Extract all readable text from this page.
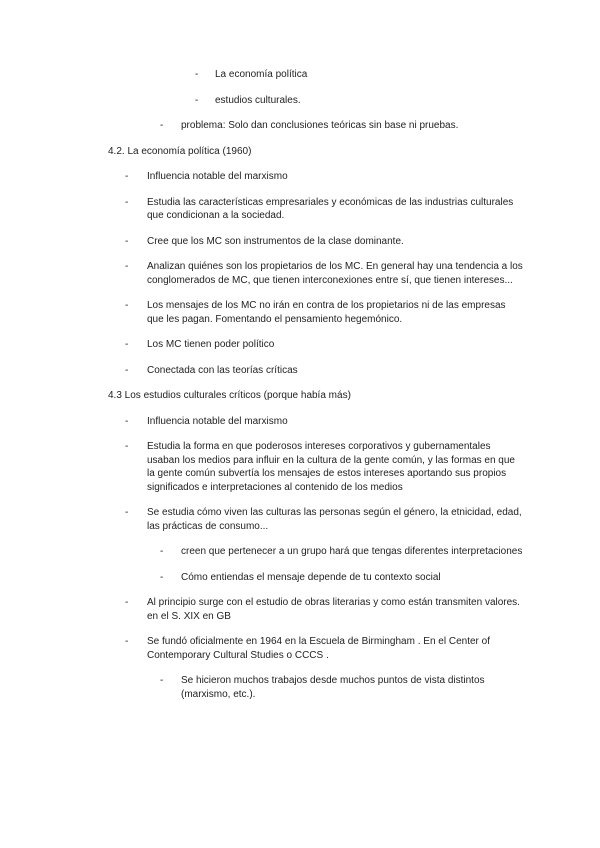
-	La economía política
-	estudios culturales.
-	problema: Solo dan conclusiones teóricas sin base ni pruebas.
4.2. La economía política (1960)
-	Influencia notable del marxismo
-	Estudia las características empresariales y económicas de las industrias culturales que condicionan a la sociedad.
-	Cree que los MC son instrumentos de la clase dominante.
-	Analizan quiénes son los propietarios de los MC. En general hay una tendencia a los conglomerados de MC, que tienen interconexiones entre sí, que tienen intereses...
-	Los mensajes de los MC no irán en contra de los propietarios ni de las empresas que les pagan. Fomentando el pensamiento hegemónico.
-	Los MC tienen poder político
-	Conectada con las teorías críticas
4.3 Los estudios culturales críticos (porque había más)
-	Influencia notable del marxismo
-	Estudia la forma en que poderosos intereses corporativos y gubernamentales usaban los medios para influir en la cultura de la gente común, y las formas en que la gente común subvertía los mensajes de estos intereses aportando sus propios significados e interpretaciones al contenido de los medios
-	Se estudia cómo viven las culturas las personas según el género, la etnicidad, edad, las prácticas de consumo...
-	creen que pertenecer a un grupo hará que tengas diferentes interpretaciones
-	Cómo entiendas el mensaje depende de tu contexto social
-	Al principio surge con el estudio de obras literarias y como están transmiten valores. en el S. XIX en GB
-	Se fundó oficialmente en 1964 en la Escuela de Birmingham . En el Center of Contemporary Cultural Studies o CCCS .
-	Se hicieron muchos trabajos desde muchos puntos de vista distintos (marxismo, etc.).
